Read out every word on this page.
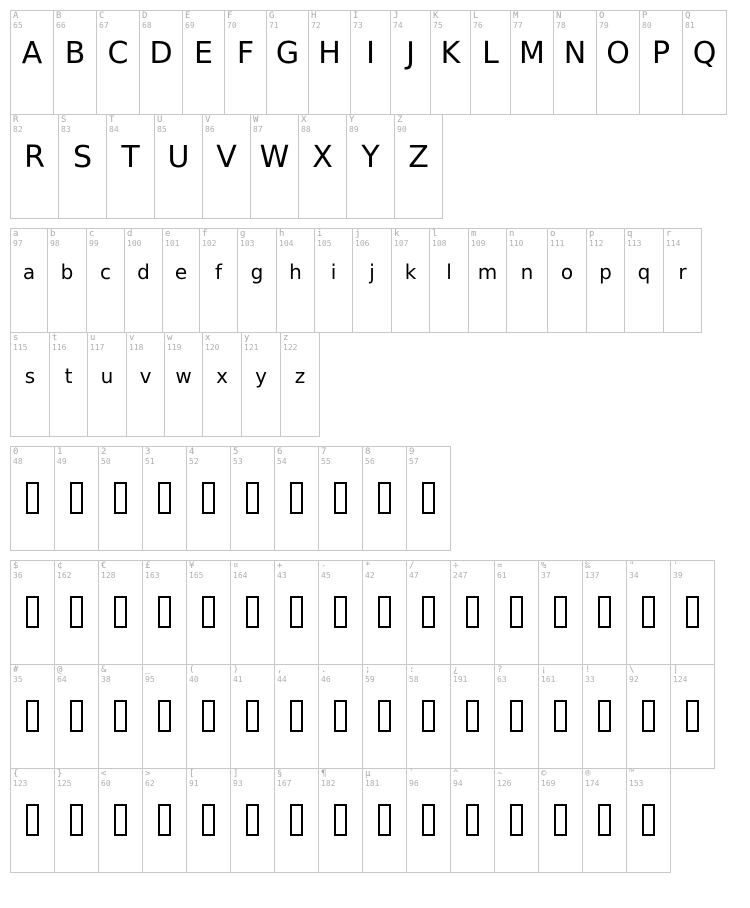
A
65
A
B
66
B
C
67
C
D
68
D
E
69
E
F
70
F
G
71
G
H
72
H
I
73
I
J
74
J
K
75
K
L
76
L
M
77
M
N
78
N
O
79
O
P
80
P
Q
81
Q
R
82
R
S
83
S
T
84
T
U
85
U
V
86
V
W
87
W
X
88
X
Y
89
Y
Z
90
Z
a
97
a
b
98
b
c
99
c
d
100
d
e
101
e
f
102
f
g
103
g
h
104
h
i
105
i
j
106
j
k
107
k
l
108
l
m
109
m
n
110
n
o
111
o
p
112
p
q
113
q
r
114
r
s
115
s
t
116
t
u
117
u
v
118
v
w
119
w
x
120
x
y
121
y
z
122
z
0
48
1
49
2
50
3
51
4
52
5
53
6
54
7
55
8
56
9
57
$
36
¢
162
€
128
£
163
¥
165
¤
164
+
43
-
45
*
42
/
47
÷
247
=
61
%
37
‰
137
"
34
'
39
#
35
@
64
&
38
_
95
(
40
)
41
,
44
.
46
;
59
:
58
¿
191
?
63
¡
161
!
33
\
92
|
124
{
123
}
125
<
60
>
62
[
91
]
93
§
167
¶
182
µ
181
`
96
^
94
~
126
©
169
®
174
™
153
